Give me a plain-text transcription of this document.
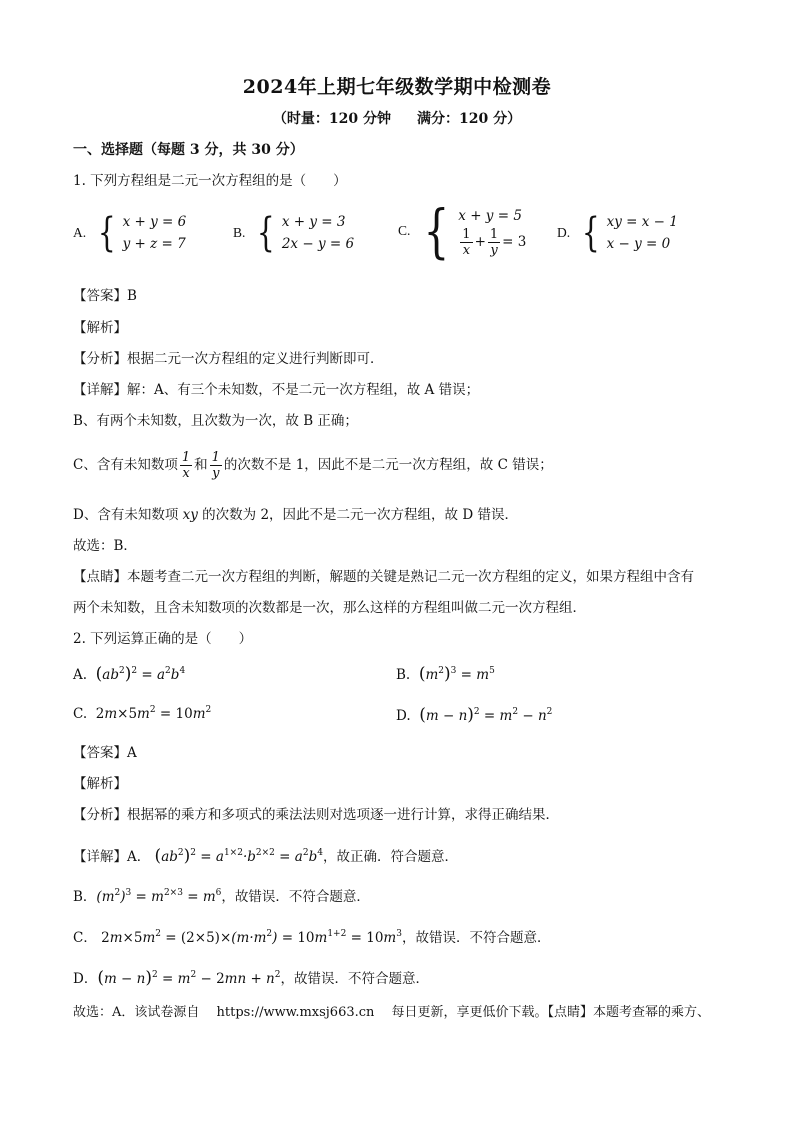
2024年上期七年级数学期中检测卷
（时量：120 分钟 满分：120 分）
一、选择题（每题 3 分，共 30 分）
1. 下列方程组是二元一次方程组的是（　　）
A. { x + y = 6
y + z = 7
B. { x + y = 3
2x − y = 6
C. { x + y = 5
$\frac{1}{x} + \frac{1}{y} = 3$
D. { xy = x − 1
x − y = 0
【答案】B
【解析】
【分析】根据二元一次方程组的定义进行判断即可．
【详解】解：A、有三个未知数，不是二元一次方程组，故 A 错误；
B、有两个未知数，且次数为一次，故 B 正确；
C、含有未知数项 $\frac{1}{x}$ 和 $\frac{1}{y}$ 的次数不是 1，因此不是二元一次方程组，故 C 错误；
D、含有未知数项 xy 的次数为 2，因此不是二元一次方程组，故 D 错误．
故选：B．
【点睛】本题考查二元一次方程组的判断，解题的关键是熟记二元一次方程组的定义，如果方程组中含有
两个未知数，且含未知数项的次数都是一次，那么这样的方程组叫做二元一次方程组．
2. 下列运算正确的是（　　）
A. $(ab^2)^2 = a^2b^4$	B. $(m^2)^3 = m^5$
C. $2m\times 5m^2 = 10m^2$	D. $(m - n)^2 = m^2 - n^2$
【答案】A
【解析】
【分析】根据幂的乘方和多项式的乘法法则对选项逐一进行计算，求得正确结果．
【详解】A． $(ab^2)^2 = a^{1\times 2}\cdot b^{2\times 2} = a^2b^4$，故正确．符合题意．
B．$(m^2)^3 = m^{2\times 3} = m^6$，故错误．不符合题意．
C． $2m\times 5m^2 = (2\times 5)\times(m\cdot m^2) = 10m^{1+2} = 10m^3$，故错误．不符合题意．
D．$(m - n)^2 = m^2 - 2mn + n^2$，故错误．不符合题意．
故选：A．该试卷源自　 https://www.mxsj663.cn　 每日更新，享更低价下载。【点睛】本题考查幂的乘方、
